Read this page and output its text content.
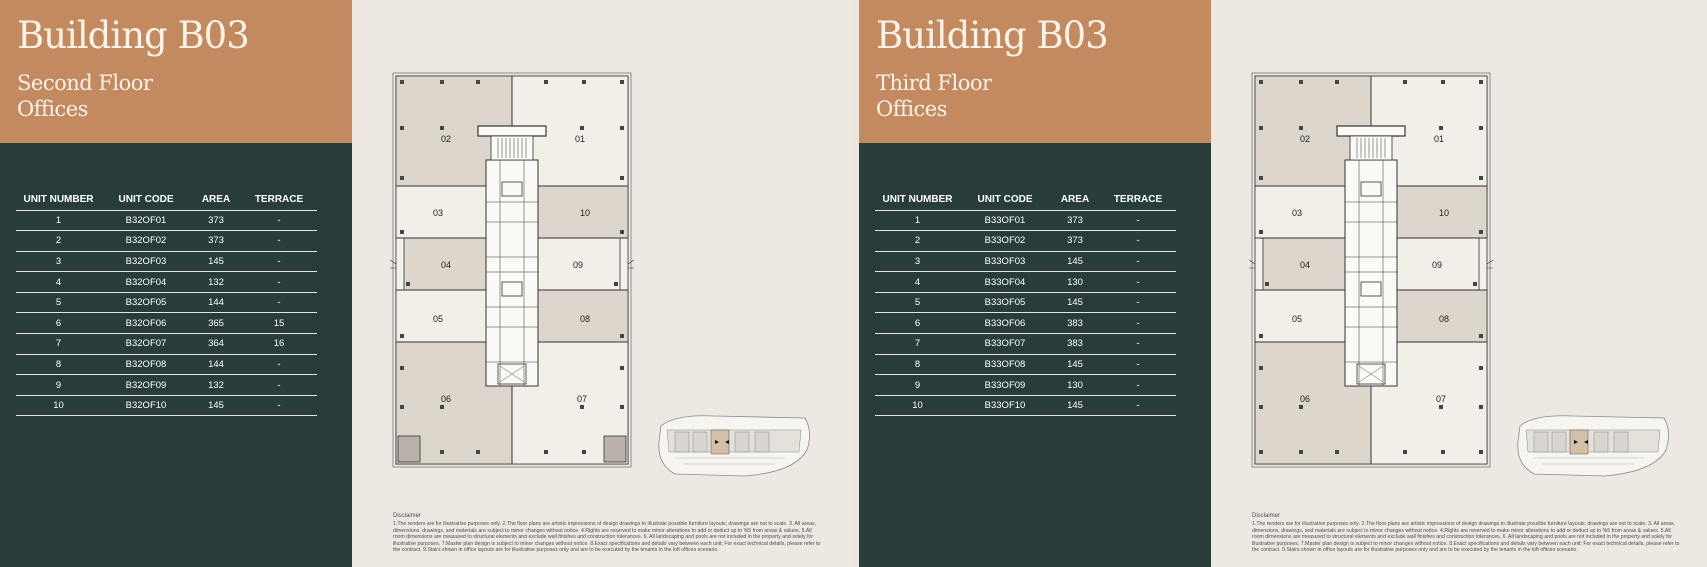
Building B03
Second Floor
Offices
UNIT NUMBER	UNIT CODE	AREA	TERRACE
1	B32OF01	373	-
2	B32OF02	373	-
3	B32OF03	145	-
4	B32OF04	132	-
5	B32OF05	144	-
6	B32OF06	365	15
7	B32OF07	364	16
8	B32OF08	144	-
9	B32OF09	132	-
10	B32OF10	145	-
02	01
03	10
04	09
05	08
06	07
Disclaimer
1.The renders are for illustrative purposes only. 2.The floor plans are artistic impressions of design drawings to illustrate possible furniture layouts; drawings are not to scale. 3. All areas, dimensions, drawings, and materials are subject to minor changes without notice. 4.Rights are reserved to make minor alterations to add or deduct up to %5 from areas & values. 5.All room dimensions are measured to structural elements and exclude wall finishes and construction tolerances. 6. All landscaping and pools are not included in the property and solely for illustrative purposes. 7.Master plan design is subject to minor changes without notice. 8.Exact specifications and details vary between each unit; For exact technical details, please refer to the contract. 9.Stairs shown in office layouts are for illustrative purposes only and are to be executed by the tenants in the loft offices scenario.
Building B03
Third Floor
Offices
UNIT NUMBER	UNIT CODE	AREA	TERRACE
1	B33OF01	373	-
2	B33OF02	373	-
3	B33OF03	145	-
4	B33OF04	130	-
5	B33OF05	145	-
6	B33OF06	383	-
7	B33OF07	383	-
8	B33OF08	145	-
9	B33OF09	130	-
10	B33OF10	145	-
02	01
03	10
04	09
05	08
06	07
Disclaimer
1.The renders are for illustrative purposes only. 2.The floor plans are artistic impressions of design drawings to illustrate possible furniture layouts; drawings are not to scale. 3. All areas, dimensions, drawings, and materials are subject to minor changes without notice. 4.Rights are reserved to make minor alterations to add or deduct up to %5 from areas & values. 5.All room dimensions are measured to structural elements and exclude wall finishes and construction tolerances. 6. All landscaping and pools are not included in the property and solely for illustrative purposes. 7.Master plan design is subject to minor changes without notice. 8.Exact specifications and details vary between each unit; For exact technical details, please refer to the contract. 9.Stairs shown in office layouts are for illustrative purposes only and are to be executed by the tenants in the loft offices scenario.
